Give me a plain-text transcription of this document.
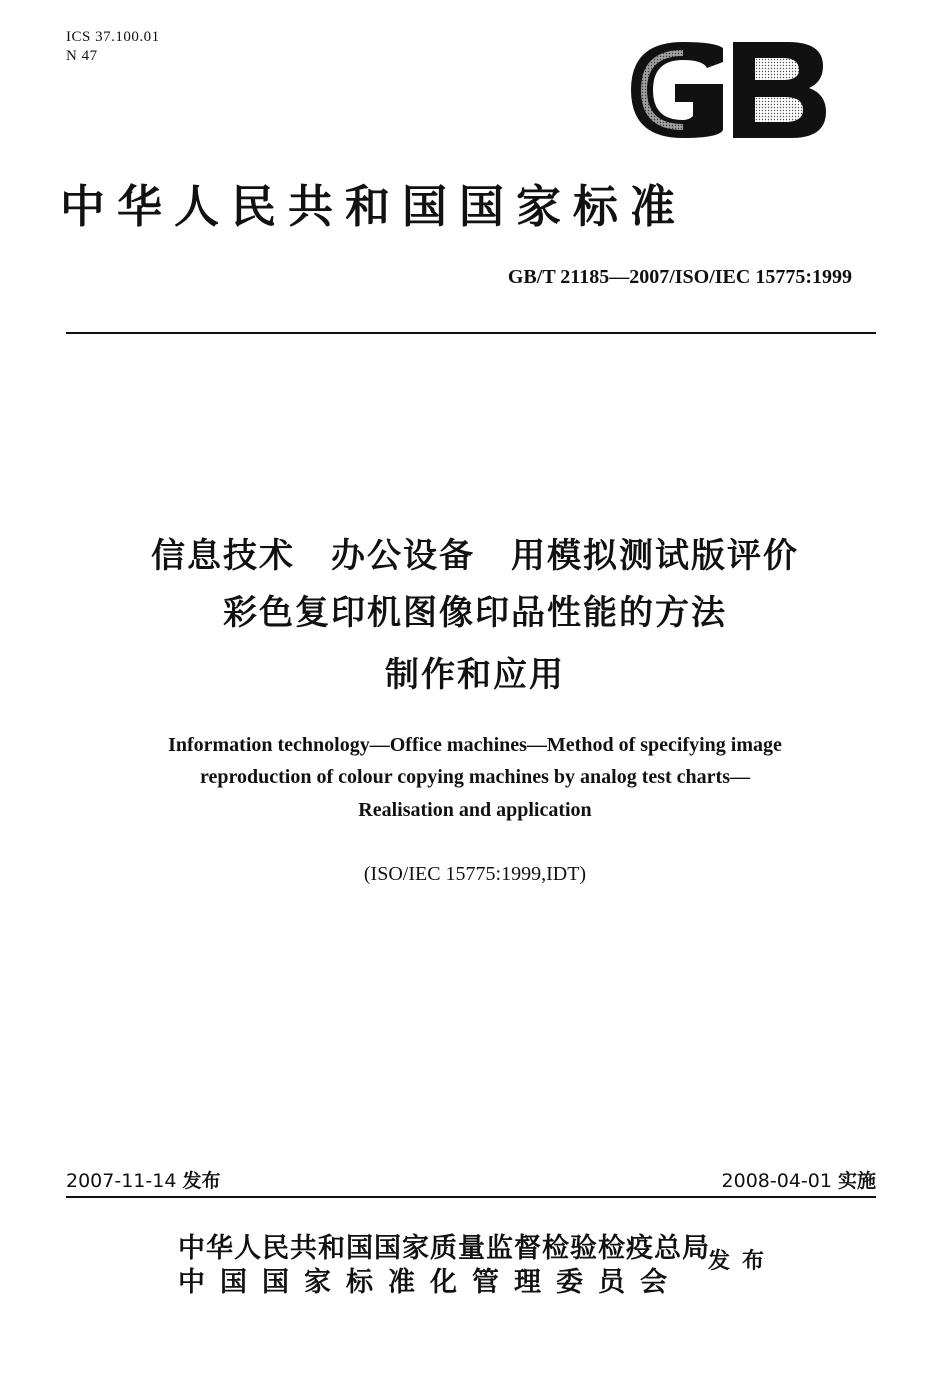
ICS 37.100.01
N 47
中华人民共和国国家标准
GB/T 21185—2007/ISO/IEC 15775:1999
信息技术　办公设备　用模拟测试版评价
彩色复印机图像印品性能的方法
制作和应用
Information technology—Office machines—Method of specifying image
reproduction of colour copying machines by analog test charts—
Realisation and application
(ISO/IEC 15775:1999,IDT)
2007-11-14 发布	2008-04-01 实施
中华人民共和国国家质量监督检验检疫总局
中国国家标准化管理委员会
发布
